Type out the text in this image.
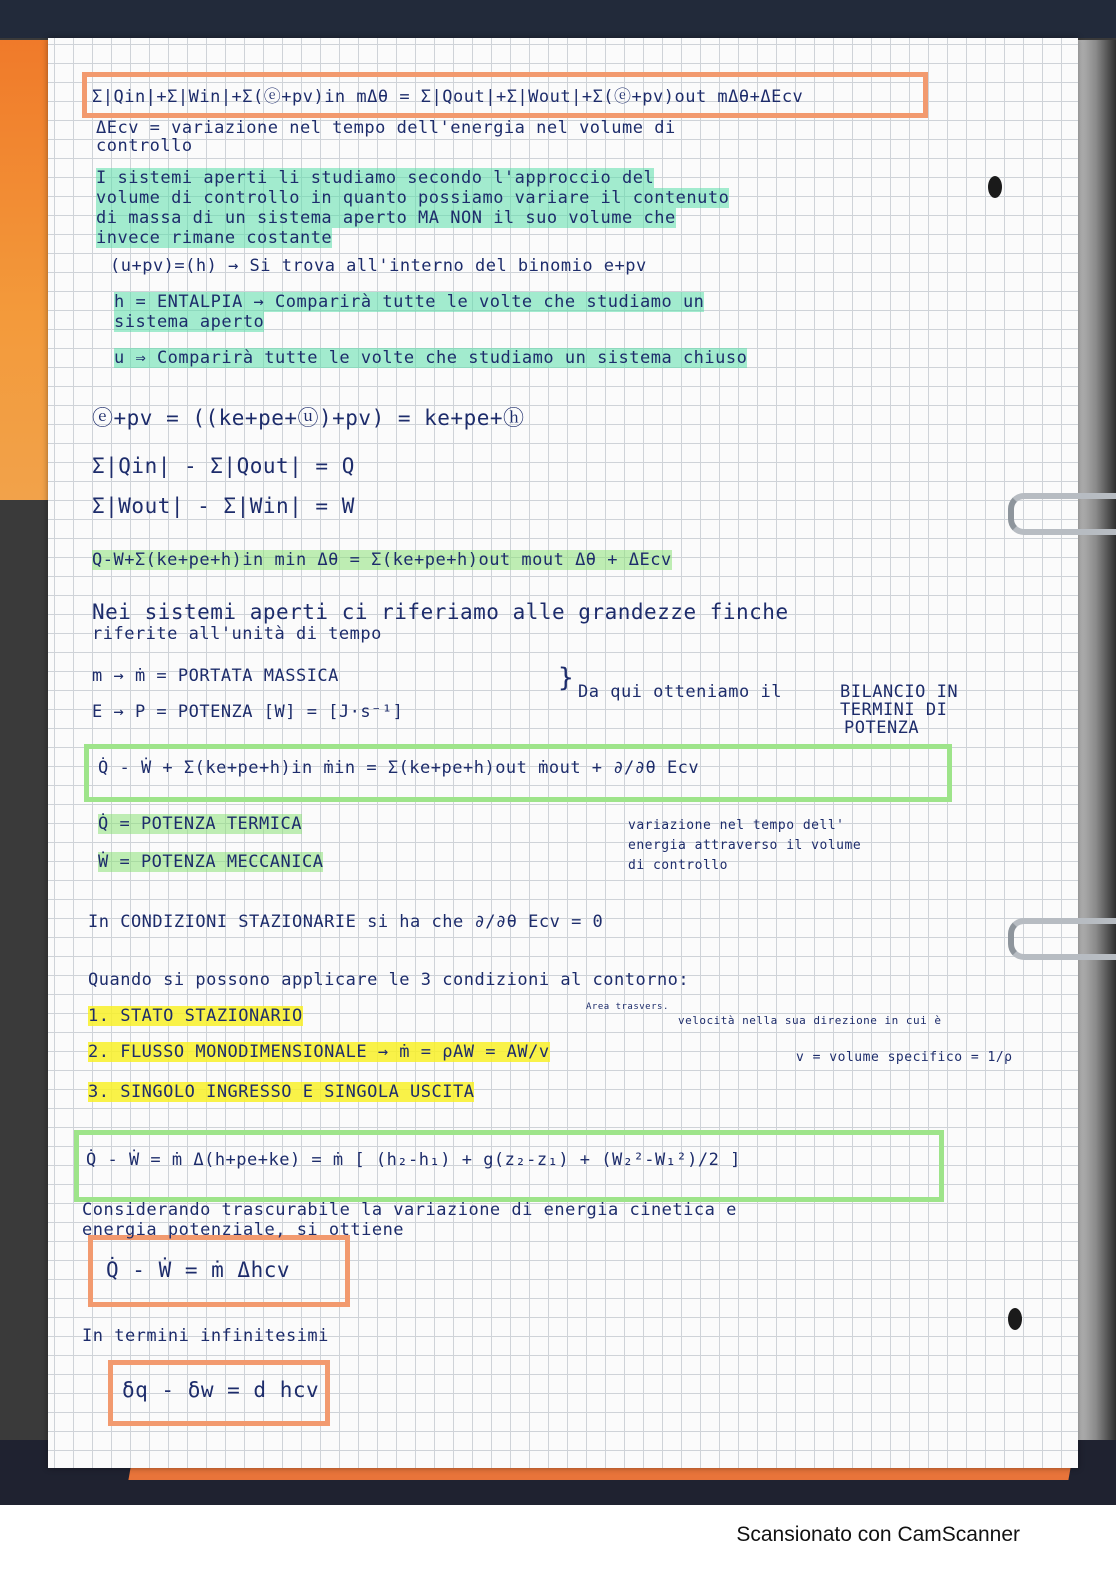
Σ|Qin|+Σ|Win|+Σ(ⓔ+pv)in mΔθ = Σ|Qout|+Σ|Wout|+Σ(ⓔ+pv)out mΔθ+ΔEcv
ΔEcv = variazione nel tempo dell'energia nel volume di
controllo
I sistemi aperti li studiamo secondo l'approccio del
volume di controllo in quanto possiamo variare il contenuto
di massa di un sistema aperto MA NON il suo volume che
invece rimane costante
(u+pv)=(h) → Si trova all'interno del binomio e+pv
h = ENTALPIA → Comparirà tutte le volte che studiamo un
sistema aperto
u ⇒ Comparirà tutte le volte che studiamo un sistema chiuso
ⓔ+pv = ((ke+pe+ⓤ)+pv) = ke+pe+ⓗ
Σ|Qin| - Σ|Qout| = Q
Σ|Wout| - Σ|Win| = W
Q-W+Σ(ke+pe+h)in min Δθ = Σ(ke+pe+h)out mout Δθ + ΔEcv
Nei sistemi aperti ci riferiamo alle grandezze finche
riferite all'unità di tempo
m → ṁ = PORTATA MASSICA
E → P = POTENZA [W] = [J·s⁻¹]
} Da qui otteniamo il	BILANCIO IN
TERMINI DI
POTENZA
Q̇ - Ẇ + Σ(ke+pe+h)in ṁin = Σ(ke+pe+h)out ṁout + ∂/∂θ Ecv
Q̇ = POTENZA TERMICA
Ẇ = POTENZA MECCANICA
variazione nel tempo dell'
energia attraverso il volume
di controllo
In CONDIZIONI STAZIONARIE si ha che ∂/∂θ Ecv = 0
Quando si possono applicare le 3 condizioni al contorno:
1. STATO STAZIONARIO	Area trasvers.
velocità nella sua direzione in cui è
2. FLUSSO MONODIMENSIONALE → ṁ = ρAW = AW/v	v = volume specifico = 1/ρ
3. SINGOLO INGRESSO E SINGOLA USCITA
Q̇ - Ẇ = ṁ Δ(h+pe+ke) = ṁ [ (h₂-h₁) + g(z₂-z₁) + (W₂²-W₁²)/2 ]
Considerando trascurabile la variazione di energia cinetica e
energia potenziale, si ottiene
Q̇ - Ẇ = ṁ Δhcv
In termini infinitesimi
δq - δw = d hcv
Scansionato con CamScanner
